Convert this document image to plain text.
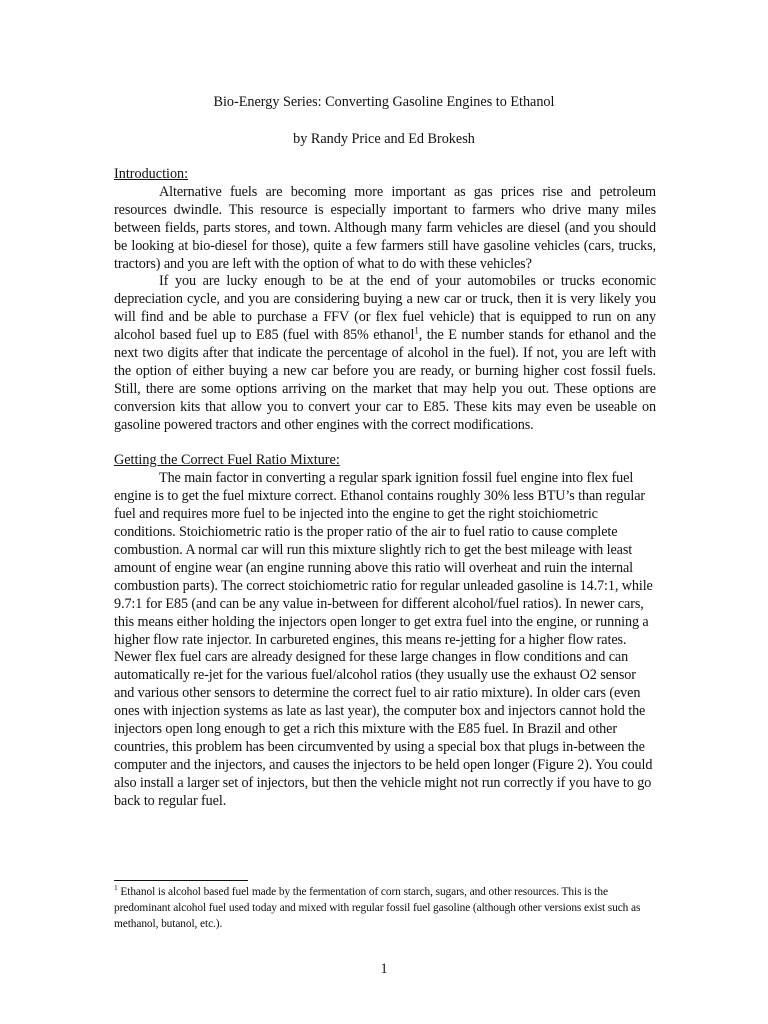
Bio-Energy Series: Converting Gasoline Engines to Ethanol

by Randy Price and Ed Brokesh

Introduction:

Alternative fuels are becoming more important as gas prices rise and petroleum resources dwindle. This resource is especially important to farmers who drive many miles between fields, parts stores, and town. Although many farm vehicles are diesel (and you should be looking at bio-diesel for those), quite a few farmers still have gasoline vehicles (cars, trucks, tractors) and you are left with the option of what to do with these vehicles?

If you are lucky enough to be at the end of your automobiles or trucks economic depreciation cycle, and you are considering buying a new car or truck, then it is very likely you will find and be able to purchase a FFV (or flex fuel vehicle) that is equipped to run on any alcohol based fuel up to E85 (fuel with 85% ethanol$^1$, the E number stands for ethanol and the next two digits after that indicate the percentage of alcohol in the fuel). If not, you are left with the option of either buying a new car before you are ready, or burning higher cost fossil fuels. Still, there are some options arriving on the market that may help you out. These options are conversion kits that allow you to convert your car to E85. These kits may even be useable on gasoline powered tractors and other engines with the correct modifications.

Getting the Correct Fuel Ratio Mixture:

The main factor in converting a regular spark ignition fossil fuel engine into flex fuel engine is to get the fuel mixture correct. Ethanol contains roughly 30% less BTU’s than regular fuel and requires more fuel to be injected into the engine to get the right stoichiometric conditions. Stoichiometric ratio is the proper ratio of the air to fuel ratio to cause complete combustion. A normal car will run this mixture slightly rich to get the best mileage with least amount of engine wear (an engine running above this ratio will overheat and ruin the internal combustion parts). The correct stoichiometric ratio for regular unleaded gasoline is 14.7:1, while 9.7:1 for E85 (and can be any value in-between for different alcohol/fuel ratios). In newer cars, this means either holding the injectors open longer to get extra fuel into the engine, or running a higher flow rate injector. In carbureted engines, this means re-jetting for a higher flow rates. Newer flex fuel cars are already designed for these large changes in flow conditions and can automatically re-jet for the various fuel/alcohol ratios (they usually use the exhaust O2 sensor and various other sensors to determine the correct fuel to air ratio mixture). In older cars (even ones with injection systems as late as last year), the computer box and injectors cannot hold the injectors open long enough to get a rich this mixture with the E85 fuel. In Brazil and other countries, this problem has been circumvented by using a special box that plugs in-between the computer and the injectors, and causes the injectors to be held open longer (Figure 2). You could also install a larger set of injectors, but then the vehicle might not run correctly if you have to go back to regular fuel.

$^1$ Ethanol is alcohol based fuel made by the fermentation of corn starch, sugars, and other resources. This is the predominant alcohol fuel used today and mixed with regular fossil fuel gasoline (although other versions exist such as methanol, butanol, etc.).

1
